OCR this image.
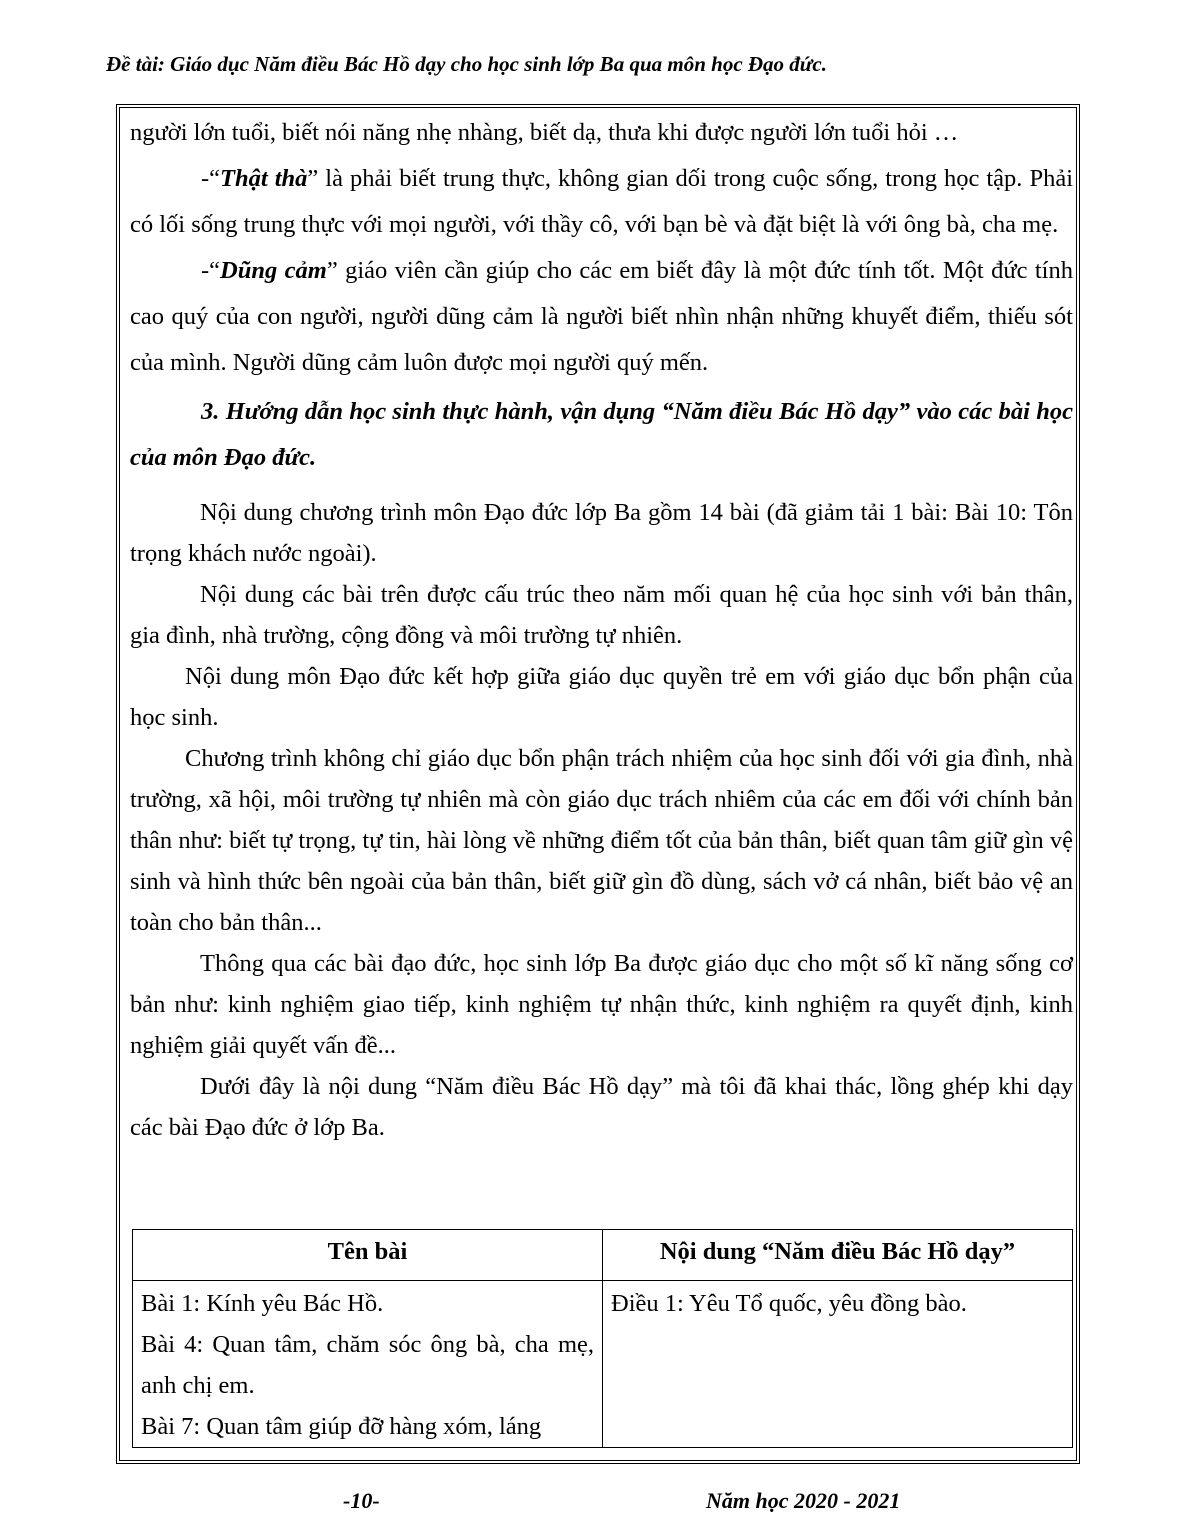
Đề tài: Giáo dục Năm điều Bác Hồ dạy cho học sinh lớp Ba qua môn học Đạo đức.

người lớn tuổi, biết nói năng nhẹ nhàng, biết dạ, thưa khi được người lớn tuổi hỏi …

-“Thật thà” là phải biết trung thực, không gian dối trong cuộc sống, trong học tập. Phải có lối sống trung thực với mọi người, với thầy cô, với bạn bè và đặt biệt là với ông bà, cha mẹ.

-“Dũng cảm” giáo viên cần giúp cho các em biết đây là một đức tính tốt. Một đức tính cao quý của con người, người dũng cảm là người biết nhìn nhận những khuyết điểm, thiếu sót của mình. Người dũng cảm luôn được mọi người quý mến.

3. Hướng dẫn học sinh thực hành, vận dụng “Năm điều Bác Hồ dạy” vào các bài học của môn Đạo đức.

Nội dung chương trình môn Đạo đức lớp Ba gồm 14 bài (đã giảm tải 1 bài: Bài 10: Tôn trọng khách nước ngoài).

Nội dung các bài trên được cấu trúc theo năm mối quan hệ của học sinh với bản thân, gia đình, nhà trường, cộng đồng và môi trường tự nhiên.

Nội dung môn Đạo đức kết hợp giữa giáo dục quyền trẻ em với giáo dục bổn phận của học sinh.

Chương trình không chỉ giáo dục bổn phận trách nhiệm của học sinh đối với gia đình, nhà trường, xã hội, môi trường tự nhiên mà còn giáo dục trách nhiêm của các em đối với chính bản thân như: biết tự trọng, tự tin, hài lòng về những điểm tốt của bản thân, biết quan tâm giữ gìn vệ sinh và hình thức bên ngoài của bản thân, biết giữ gìn đồ dùng, sách vở cá nhân, biết bảo vệ an toàn cho bản thân...

Thông qua các bài đạo đức, học sinh lớp Ba được giáo dục cho một số kĩ năng sống cơ bản như: kinh nghiệm giao tiếp, kinh nghiệm tự nhận thức, kinh nghiệm ra quyết định, kinh nghiệm giải quyết vấn đề...

Dưới đây là nội dung “Năm điều Bác Hồ dạy” mà tôi đã khai thác, lồng ghép khi dạy các bài Đạo đức ở lớp Ba.

Tên bài	Nội dung “Năm điều Bác Hồ dạy”

Bài 1: Kính yêu Bác Hồ.
Bài 4: Quan tâm, chăm sóc ông bà, cha mẹ, anh chị em.
Bài 7: Quan tâm giúp đỡ hàng xóm, láng	Điều 1: Yêu Tổ quốc, yêu đồng bào.
-10-	Năm học 2020 - 2021
